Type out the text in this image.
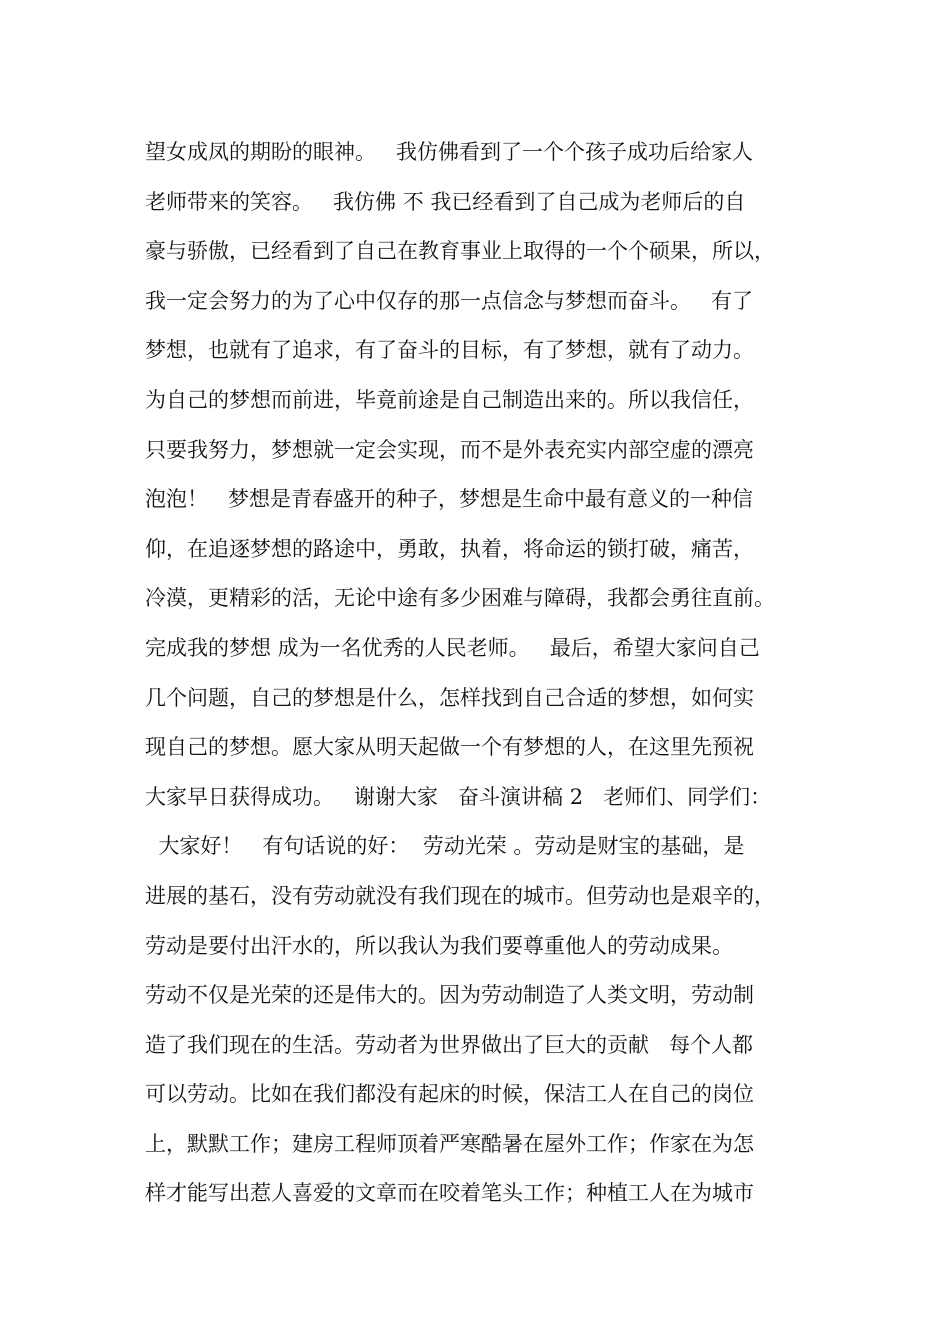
望女成凤的期盼的眼神。   我仿佛看到了一个个孩子成功后给家人
老师带来的笑容。   我仿佛 不 我已经看到了自己成为老师后的自
豪与骄傲，已经看到了自己在教育事业上取得的一个个硕果，所以，
我一定会努力的为了心中仅存的那一点信念与梦想而奋斗。   有了
梦想，也就有了追求，有了奋斗的目标，有了梦想，就有了动力。
为自己的梦想而前进，毕竟前途是自己制造出来的。所以我信任，
只要我努力，梦想就一定会实现，而不是外表充实内部空虚的漂亮
泡泡！   梦想是青春盛开的种子，梦想是生命中最有意义的一种信
仰，在追逐梦想的路途中，勇敢，执着，将命运的锁打破，痛苦，
冷漠，更精彩的活，无论中途有多少困难与障碍，我都会勇往直前。
完成我的梦想 成为一名优秀的人民老师。   最后，希望大家问自己
几个问题，自己的梦想是什么，怎样找到自己合适的梦想，如何实
现自己的梦想。愿大家从明天起做一个有梦想的人，在这里先预祝
大家早日获得成功。   谢谢大家   奋斗演讲稿 2   老师们、同学们：
大家好！   有句话说的好：  劳动光荣 。劳动是财宝的基础，是
进展的基石，没有劳动就没有我们现在的城市。但劳动也是艰辛的，
劳动是要付出汗水的，所以我认为我们要尊重他人的劳动成果。
劳动不仅是光荣的还是伟大的。因为劳动制造了人类文明，劳动制
造了我们现在的生活。劳动者为世界做出了巨大的贡献   每个人都
可以劳动。比如在我们都没有起床的时候，保洁工人在自己的岗位
上，默默工作；建房工程师顶着严寒酷暑在屋外工作；作家在为怎
样才能写出惹人喜爱的文章而在咬着笔头工作；种植工人在为城市
